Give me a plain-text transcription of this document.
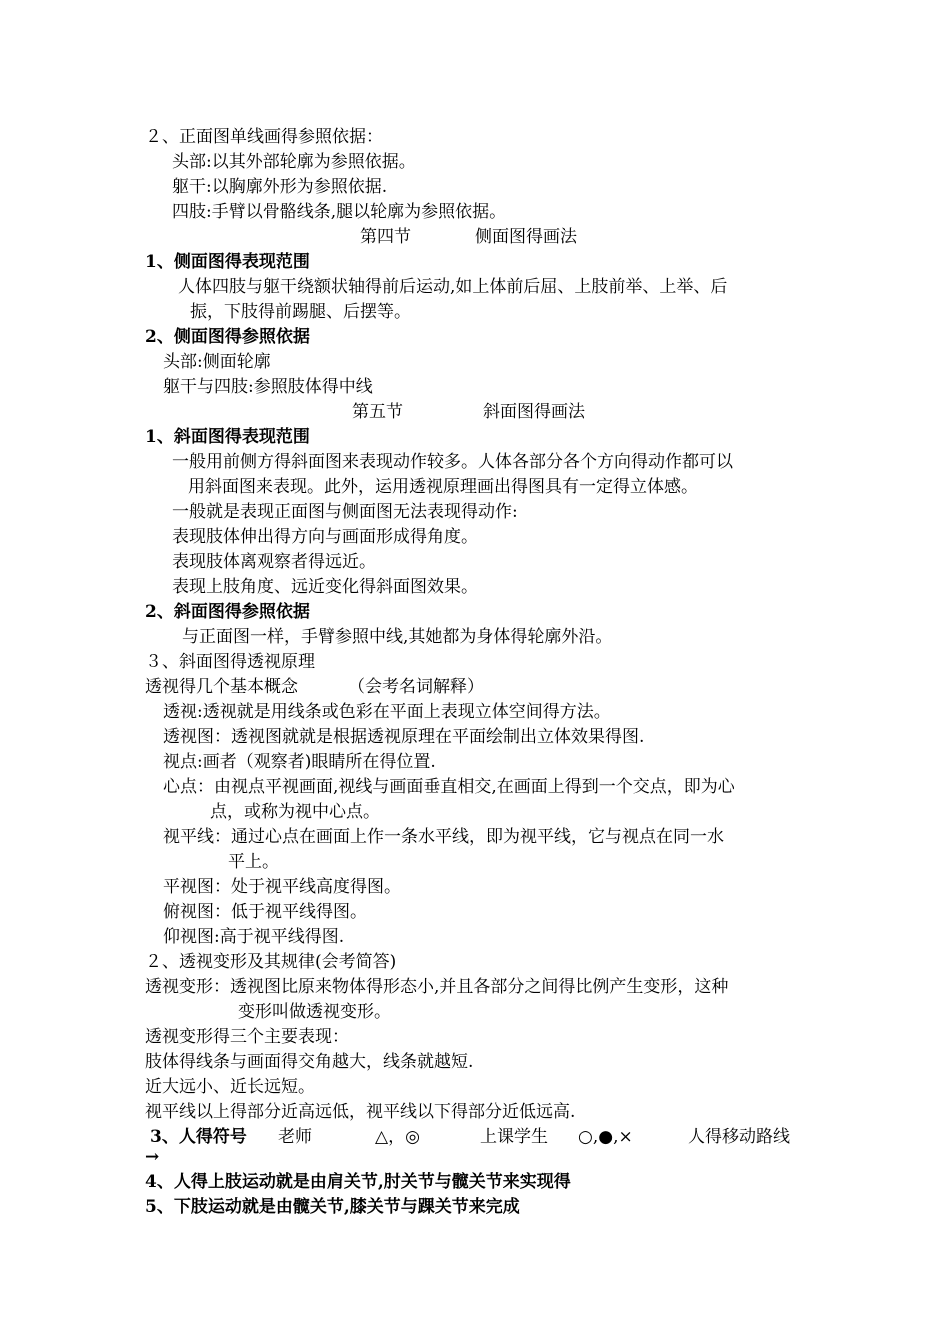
２、正面图单线画得参照依据：
头部:以其外部轮廓为参照依据。
躯干:以胸廓外形为参照依据.
四肢:手臂以骨骼线条,腿以轮廓为参照依据。
第四节	侧面图得画法
1、侧面图得表现范围
人体四肢与躯干绕额状轴得前后运动,如上体前后屈、上肢前举、上举、后
振，下肢得前踢腿、后摆等。
2、侧面图得参照依据
头部:侧面轮廓
躯干与四肢:参照肢体得中线
第五节	斜面图得画法
1、斜面图得表现范围
一般用前侧方得斜面图来表现动作较多。人体各部分各个方向得动作都可以
用斜面图来表现。此外，运用透视原理画出得图具有一定得立体感。
一般就是表现正面图与侧面图无法表现得动作:
表现肢体伸出得方向与画面形成得角度。
表现肢体离观察者得远近。
表现上肢角度、远近变化得斜面图效果。
2、斜面图得参照依据
与正面图一样，手臂参照中线,其她都为身体得轮廓外沿。
３、斜面图得透视原理
透视得几个基本概念	（会考名词解释）
透视:透视就是用线条或色彩在平面上表现立体空间得方法。
透视图：透视图就就是根据透视原理在平面绘制出立体效果得图.
视点:画者（观察者)眼睛所在得位置.
心点：由视点平视画面,视线与画面垂直相交,在画面上得到一个交点，即为心
点，或称为视中心点。
视平线：通过心点在画面上作一条水平线，即为视平线，它与视点在同一水
平上。
平视图：处于视平线高度得图。
俯视图：低于视平线得图。
仰视图:高于视平线得图.
２、透视变形及其规律(会考简答)
透视变形：透视图比原来物体得形态小,并且各部分之间得比例产生变形，这种
变形叫做透视变形。
透视变形得三个主要表现：
肢体得线条与画面得交角越大，线条就越短.
近大远小、近长远短。
视平线以上得部分近高远低，视平线以下得部分近低远高.
3、人得符号 老师	△，◎	上课学生 ○,●,×	人得移动路线
→
4、人得上肢运动就是由肩关节,肘关节与髋关节来实现得
5、下肢运动就是由髋关节,膝关节与踝关节来完成
